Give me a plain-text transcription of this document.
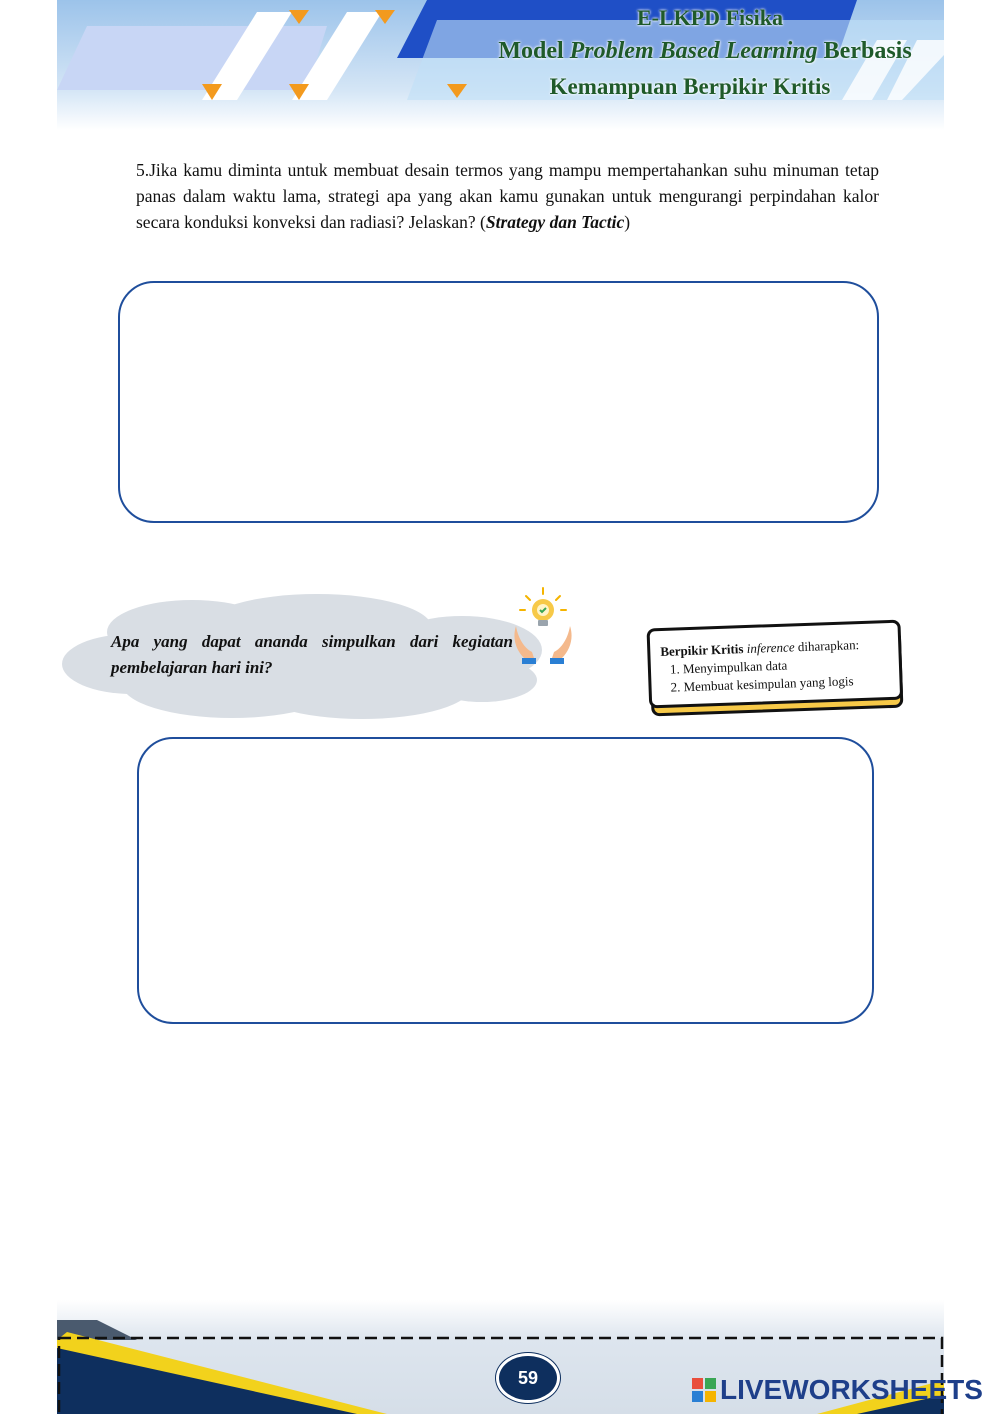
E-LKPD Fisika
Model Problem Based Learning Berbasis
Kemampuan Berpikir Kritis
5.Jika kamu diminta untuk membuat desain termos yang mampu mempertahankan suhu minuman tetap panas dalam waktu lama, strategi apa yang akan kamu gunakan untuk mengurangi perpindahan kalor secara konduksi konveksi dan radiasi? Jelaskan? (Strategy dan Tactic)
Apa yang dapat ananda simpulkan dari kegiatan pembelajaran hari ini?
Berpikir Kritis inference diharapkan:
1. Menyimpulkan data
2. Membuat kesimpulan yang logis
59	LIVEWORKSHEETS
